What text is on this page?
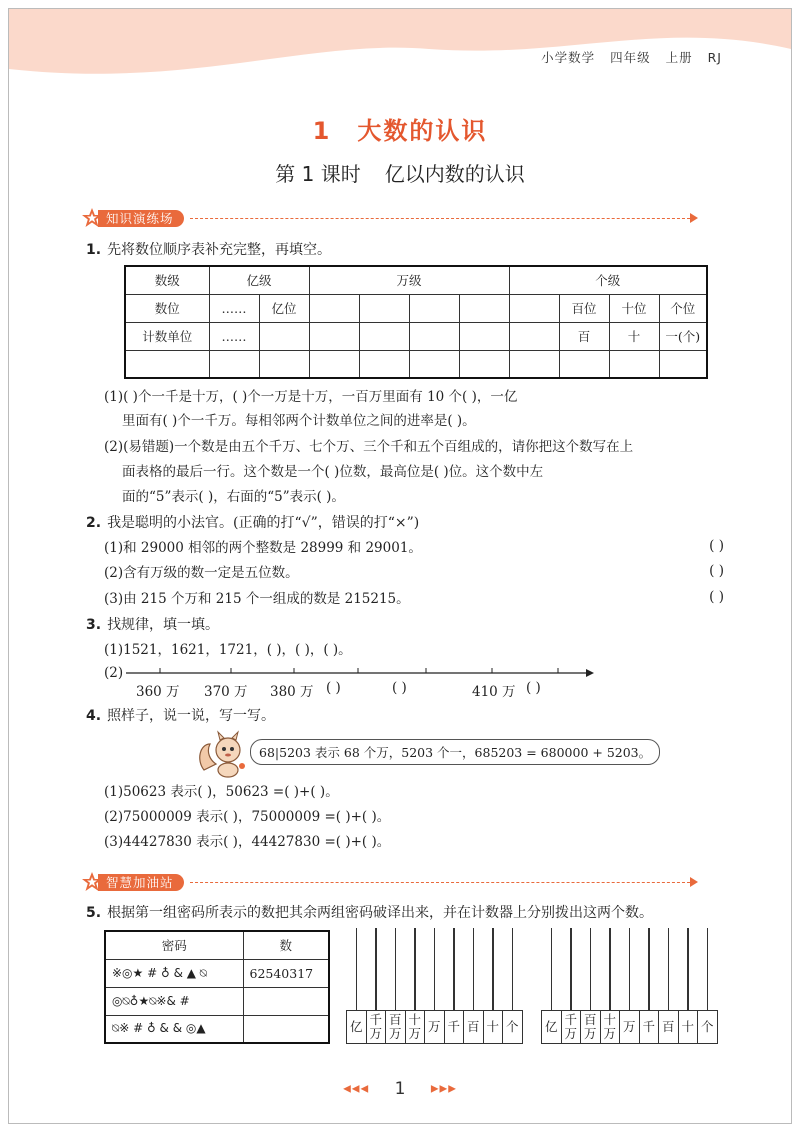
小学数学 四年级 上册 RJ
1 大数的认识
第 1 课时 亿以内数的认识
知识演练场
1. 先将数位顺序表补充完整，再填空。
数级	亿级		万级				个级			
数位	……	亿位						百位	十位	个位
计数单位	……							百	十	一(个)

(1)( )个一千是十万，( )个一万是十万，一百万里面有 10 个( )，一亿
里面有( )个一千万。每相邻两个计数单位之间的进率是( )。
(2)(易错题)一个数是由五个千万、七个万、三个千和五个百组成的，请你把这个数写在上
面表格的最后一行。这个数是一个( )位数，最高位是( )位。这个数中左
面的“5”表示( )，右面的“5”表示( )。
2. 我是聪明的小法官。(正确的打“√”，错误的打“×”)
(1)和 29000 相邻的两个整数是 28999 和 29001。	( )
(2)含有万级的数一定是五位数。	( )
(3)由 215 个万和 215 个一组成的数是 215215。	( )
3. 找规律，填一填。
(1)1521，1621，1721，( )，( )，( )。
(2)
360 万 370 万 380 万 ( )	( )	410 万 ( )
4. 照样子，说一说，写一写。
68|5203 表示 68 个万，5203 个一，685203 = 680000 + 5203。
(1)50623 表示( )，50623 =( )+( )。
(2)75000009 表示( )，75000009 =( )+( )。
(3)44427830 表示( )，44427830 =( )+( )。
智慧加油站
5. 根据第一组密码所表示的数把其余两组密码破译出来，并在计数器上分别拨出这两个数。
密码	数
※◎★ # ♁ & ▲ ⍉	62540317
◎⍉♁★⍉※& #	
⍉※ # ♁ & & ◎▲		亿 千
万
百
万
十
万 万 千 百 十 个 亿 千
万
百
万
十
万 万 千 百 十 个
◀◀◀ 1	▶▶▶
